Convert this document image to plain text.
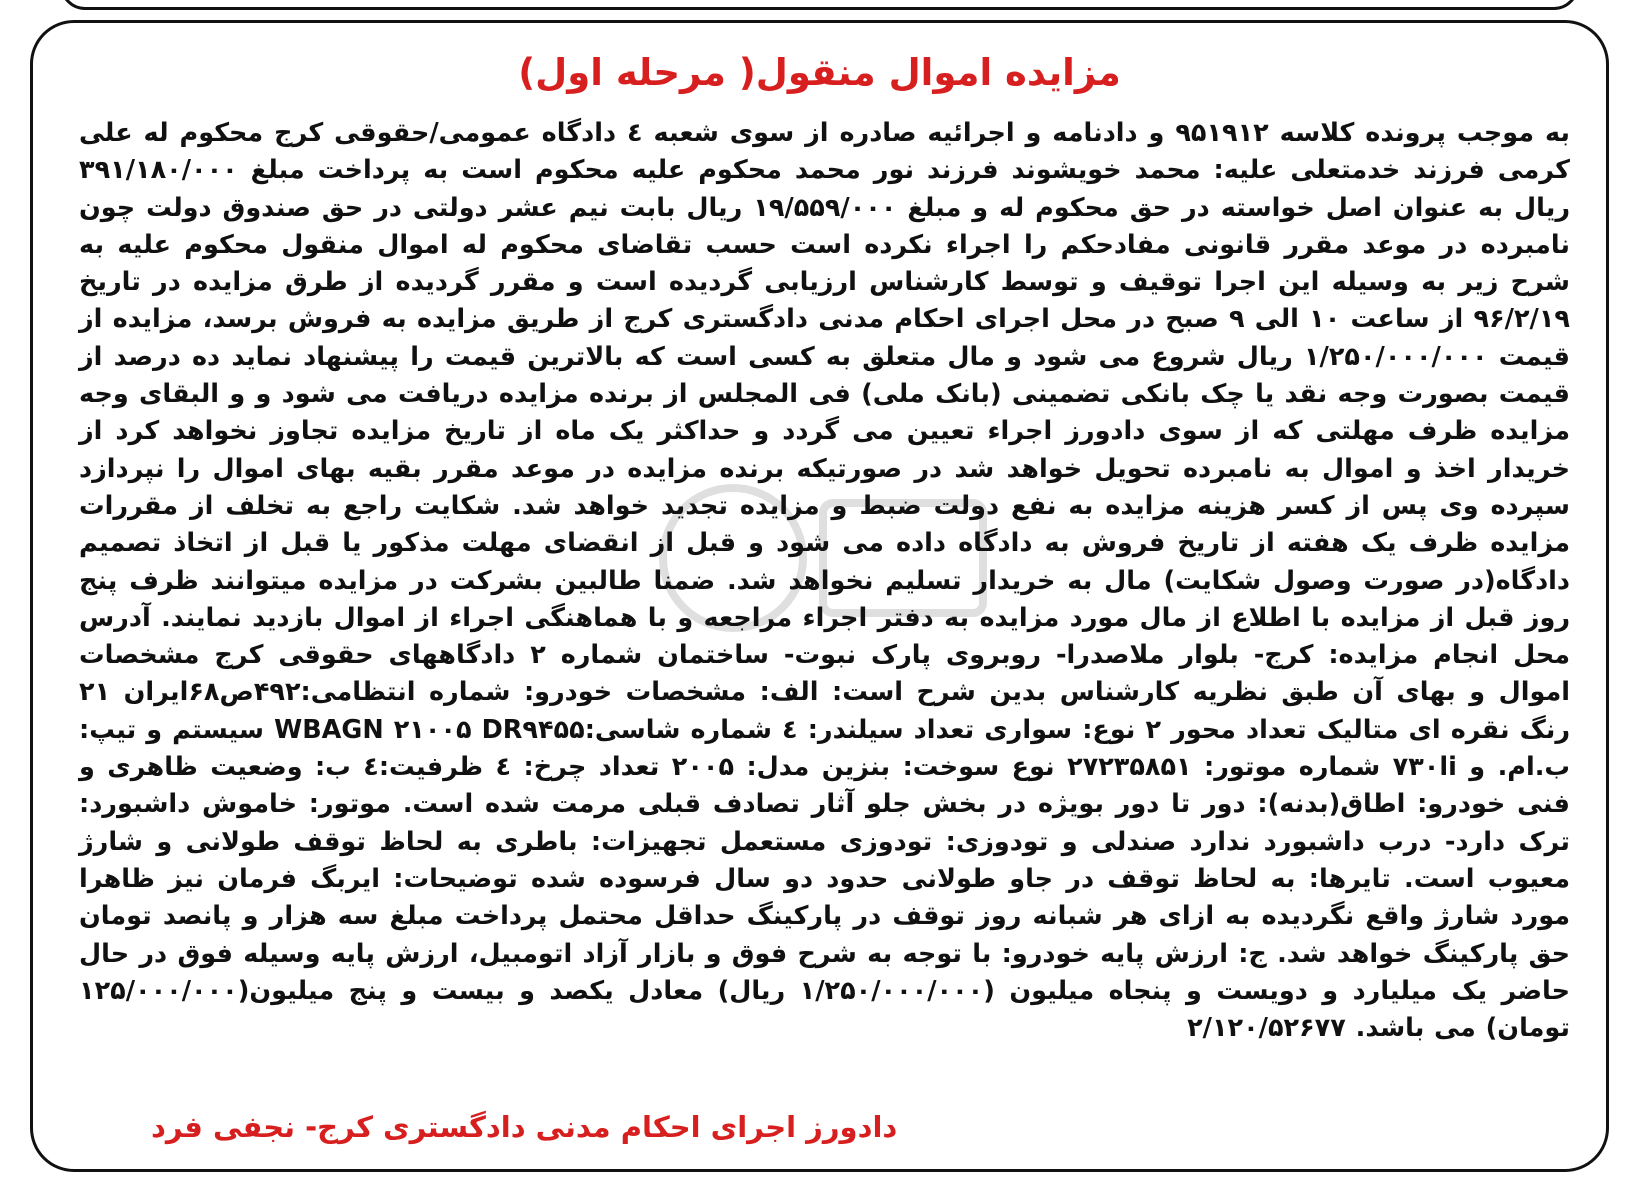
مزایده اموال منقول( مرحله اول)

به موجب پرونده کلاسه ۹۵۱۹۱۲ و دادنامه و اجرائیه صادره از سوی شعبه ٤ دادگاه عمومی/حقوقی کرج محکوم له علی کرمی فرزند خدمتعلی علیه: محمد خویشوند فرزند نور محمد محکوم علیه محکوم است به پرداخت مبلغ ۳۹۱/۱۸۰/۰۰۰ ریال به عنوان اصل خواسته در حق محکوم له و مبلغ ۱۹/۵۵۹/۰۰۰ ریال بابت نیم عشر دولتی در حق صندوق دولت چون نامبرده در موعد مقرر قانونی مفادحکم را اجراء نکرده است حسب تقاضای محکوم له اموال منقول محکوم علیه به شرح زیر به وسیله این اجرا توقیف و توسط کارشناس ارزیابی گردیده است و مقرر گردیده از طرق مزایده در تاریخ ۹۶/۲/۱۹ از ساعت ۱۰ الی ۹ صبح در محل اجرای احکام مدنی دادگستری کرج از طریق مزایده به فروش برسد، مزایده از قیمت ۱/۲۵۰/۰۰۰/۰۰۰ ریال شروع می شود و مال متعلق به کسی است که بالاترین قیمت را پیشنهاد نماید ده درصد از قیمت بصورت وجه نقد یا چک بانکی تضمینی (بانک ملی) فی المجلس از برنده مزایده دریافت می شود و و البقای وجه مزایده ظرف مهلتی که از سوی دادورز اجراء تعیین می گردد و حداکثر یک ماه از تاریخ مزایده تجاوز نخواهد کرد از خریدار اخذ و اموال به نامبرده تحویل خواهد شد در صورتیکه برنده مزایده در موعد مقرر بقیه بهای اموال را نپردازد سپرده وی پس از کسر هزینه مزایده به نفع دولت ضبط و مزایده تجدید خواهد شد. شکایت راجع به تخلف از مقررات مزایده ظرف یک هفته از تاریخ فروش به دادگاه داده می شود و قبل از انقضای مهلت مذکور یا قبل از اتخاذ تصمیم دادگاه(در صورت وصول شکایت) مال به خریدار تسلیم نخواهد شد. ضمنا طالبین بشرکت در مزایده میتوانند ظرف پنج روز قبل از مزایده با اطلاع از مال مورد مزایده به دفتر اجراء مراجعه و با هماهنگی اجراء از اموال بازدید نمایند. آدرس محل انجام مزایده: کرج- بلوار ملاصدرا- روبروی پارک نبوت- ساختمان شماره ۲ دادگاههای حقوقی کرج مشخصات اموال و بهای آن طبق نظریه کارشناس بدین شرح است: الف: مشخصات خودرو: شماره انتظامی:۴۹۲ص۶۸ایران ۲۱ رنگ نقره ای متالیک تعداد محور ۲ نوع: سواری تعداد سیلندر: ٤ شماره شاسی:WBAGN ۲۱۰۰۵ DR۹۴۵۵ سیستم و تیپ: ب.ام. و ۷۳۰li شماره موتور: ۲۷۲۳۵۸۵۱ نوع سوخت: بنزین مدل: ۲۰۰۵ تعداد چرخ: ٤ ظرفیت:٤ ب: وضعیت ظاهری و فنی خودرو: اطاق(بدنه): دور تا دور بویژه در بخش جلو آثار تصادف قبلی مرمت شده است. موتور: خاموش داشبورد: ترک دارد- درب داشبورد ندارد صندلی و تودوزی: تودوزی مستعمل تجهیزات: باطری به لحاظ توقف طولانی و شارژ معیوب است. تایرها: به لحاظ توقف در جاو طولانی حدود دو سال فرسوده شده توضیحات: ایربگ فرمان نیز ظاهرا مورد شارژ واقع نگردیده به ازای هر شبانه روز توقف در پارکینگ حداقل محتمل پرداخت مبلغ سه هزار و پانصد تومان حق پارکینگ خواهد شد. ج: ارزش پایه خودرو: با توجه به شرح فوق و بازار آزاد اتومبیل، ارزش پایه وسیله فوق در حال حاضر یک میلیارد و دویست و پنجاه میلیون (۱/۲۵۰/۰۰۰/۰۰۰ ریال) معادل یکصد و بیست و پنج میلیون(۱۲۵/۰۰۰/۰۰۰ تومان) می باشد. ۲/۱۲۰/۵۲۶۷۷

دادورز اجرای احکام مدنی دادگستری کرج- نجفی فرد
